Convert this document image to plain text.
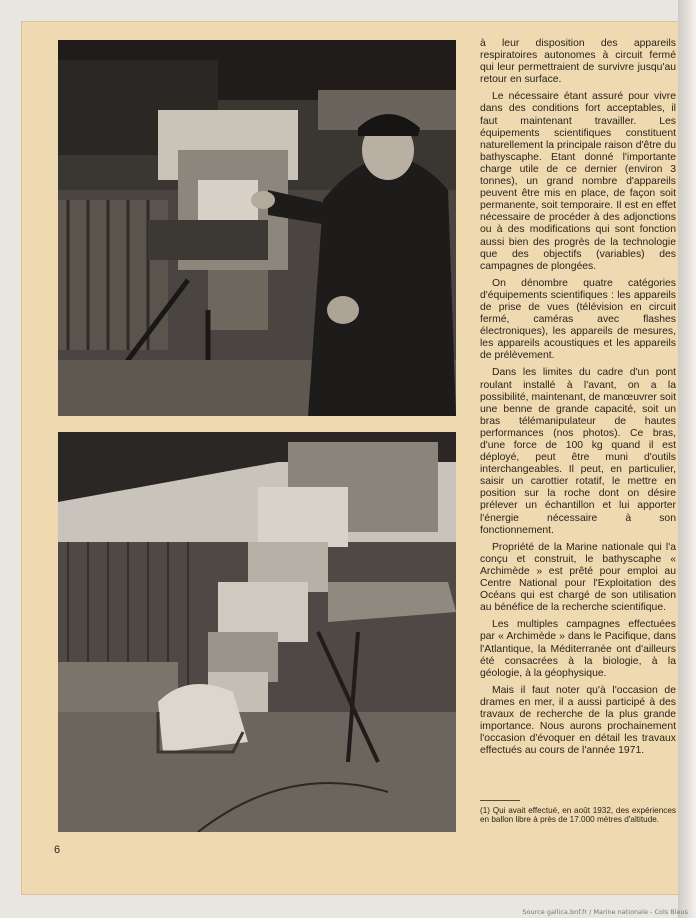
à leur disposition des appareils respiratoires autonomes à circuit fermé qui leur permettraient de survivre jusqu'au retour en surface.

Le nécessaire étant assuré pour vivre dans des conditions fort acceptables, il faut maintenant travailler. Les équipements scientifiques constituent naturellement la principale raison d'être du bathyscaphe. Etant donné l'importante charge utile de ce dernier (environ 3 tonnes), un grand nombre d'appareils peuvent être mis en place, de façon soit permanente, soit temporaire. Il est en effet nécessaire de procéder à des adjonctions ou à des modifications qui sont fonction aussi bien des progrès de la technologie que des objectifs (variables) des campagnes de plongées.

On dénombre quatre catégories d'équipements scientifiques : les appareils de prise de vues (télévision en circuit fermé, caméras avec flashes électroniques), les appareils de mesures, les appareils acoustiques et les appareils de prélèvement.

Dans les limites du cadre d'un pont roulant installé à l'avant, on a la possibilité, maintenant, de manœuvrer soit une benne de grande capacité, soit un bras télémanipulateur de hautes performances (nos photos). Ce bras, d'une force de 100 kg quand il est déployé, peut être muni d'outils interchangeables. Il peut, en particulier, saisir un carottier rotatif, le mettre en position sur la roche dont on désire prélever un échantillon et lui apporter l'énergie nécessaire à son fonctionnement.

Propriété de la Marine nationale qui l'a conçu et construit, le bathyscaphe « Archimède » est prêté pour emploi au Centre National pour l'Exploitation des Océans qui est chargé de son utilisation au bénéfice de la recherche scientifique.

Les multiples campagnes effectuées par « Archimède » dans le Pacifique, dans l'Atlantique, la Méditerranée ont d'ailleurs été consacrées à la biologie, à la géologie, à la géophysique.

Mais il faut noter qu'à l'occasion de drames en mer, il a aussi participé à des travaux de recherche de la plus grande importance. Nous aurons prochainement l'occasion d'évoquer en détail les travaux effectués au cours de l'année 1971.

(1) Qui avait effectué, en août 1932, des expériences en ballon libre à près de 17.000 mètres d'altitude.
6
Source gallica.bnf.fr / Marine nationale - Cols Bleus
